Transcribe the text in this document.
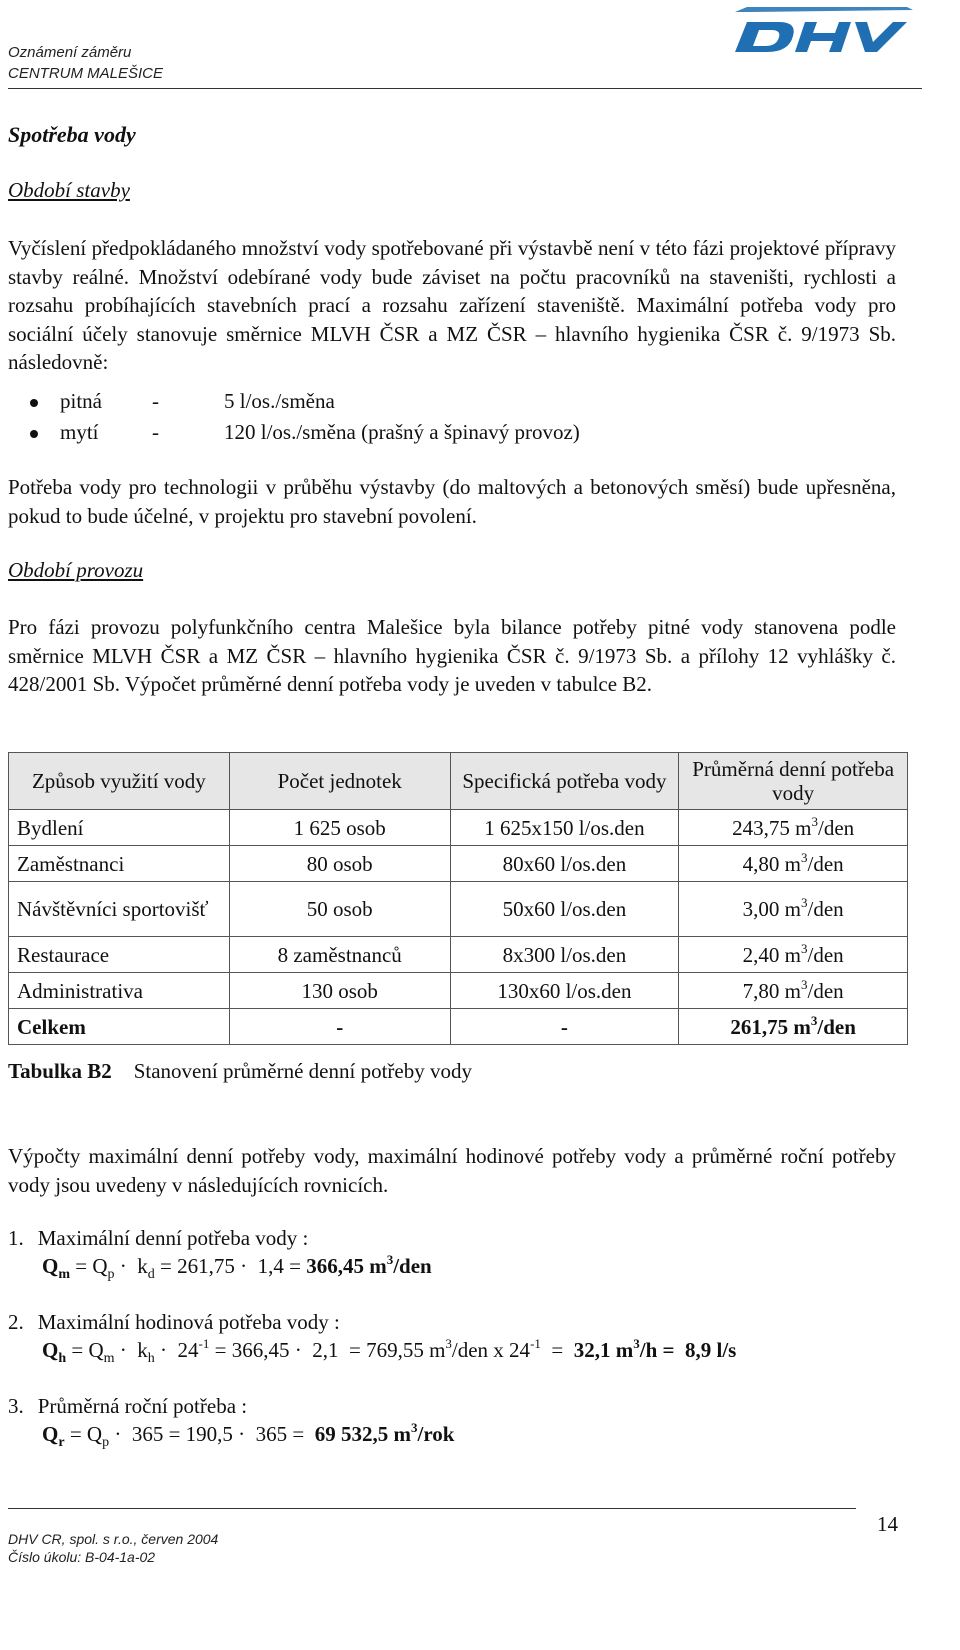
Oznámení záměru
CENTRUM MALEŠICE
Spotřeba vody
Období stavby
Vyčíslení předpokládaného množství vody spotřebované při výstavbě není v této fázi projektové přípravy stavby reálné. Množství odebírané vody bude záviset na počtu pracovníků na staveništi, rychlosti a rozsahu probíhajících stavebních prací a rozsahu zařízení staveniště. Maximální potřeba vody pro sociální účely stanovuje směrnice MLVH ČSR a MZ ČSR – hlavního hygienika ČSR č. 9/1973 Sb. následovně:
pitná -	5 l/os./směna
mytí	-	120 l/os./směna (prašný a špinavý provoz)
Potřeba vody pro technologii v průběhu výstavby (do maltových a betonových směsí) bude upřesněna, pokud to bude účelné, v projektu pro stavební povolení.
Období provozu
Pro fázi provozu polyfunkčního centra Malešice byla bilance potřeby pitné vody stanovena podle směrnice MLVH ČSR a MZ ČSR – hlavního hygienika ČSR č. 9/1973 Sb. a přílohy 12 vyhlášky č. 428/2001 Sb. Výpočet průměrné denní potřeba vody je uveden v tabulce B2.
Způsob využití vody	Počet jednotek	Specifická potřeba vody	Průměrná denní potřeba vody
Bydlení	1 625 osob	1 625x150 l/os.den	243,75 $m^3$/den
Zaměstnanci	80 osob	80x60 l/os.den	4,80 $m^3$/den
Návštěvníci sportovišť	50 osob	50x60 l/os.den	3,00 $m^3$/den
Restaurace	8 zaměstnanců	8x300 l/os.den	2,40 $m^3$/den
Administrativa	130 osob	130x60 l/os.den	7,80 $m^3$/den
Celkem	-	-	261,75 $m^3$/den
Tabulka B2 Stanovení průměrné denní potřeby vody
Výpočty maximální denní potřeby vody, maximální hodinové potřeby vody a průměrné roční potřeby vody jsou uvedeny v následujících rovnicích.
1. Maximální denní potřeba vody :
$Q_m = Q_p \cdot k_d = 261,75 \cdot 1,4 = 366,45$ $m^3$/den
2. Maximální hodinová potřeba vody :
$Q_h = Q_m \cdot k_h \cdot 24^{-1} = 366,45 \cdot 2,1 = 769,55$ $m^3$/den x $24^{-1} = 32,1$ $m^3/h = 8,9$ l/s
3. Průměrná roční potřeba :
$Q_r = Q_p \cdot 365 = 190,5 \cdot 365 = 69$ 532,5 $m^3$/rok
DHV CR, spol. s r.o., červen 2004
Číslo úkolu: B-04-1a-02
14
